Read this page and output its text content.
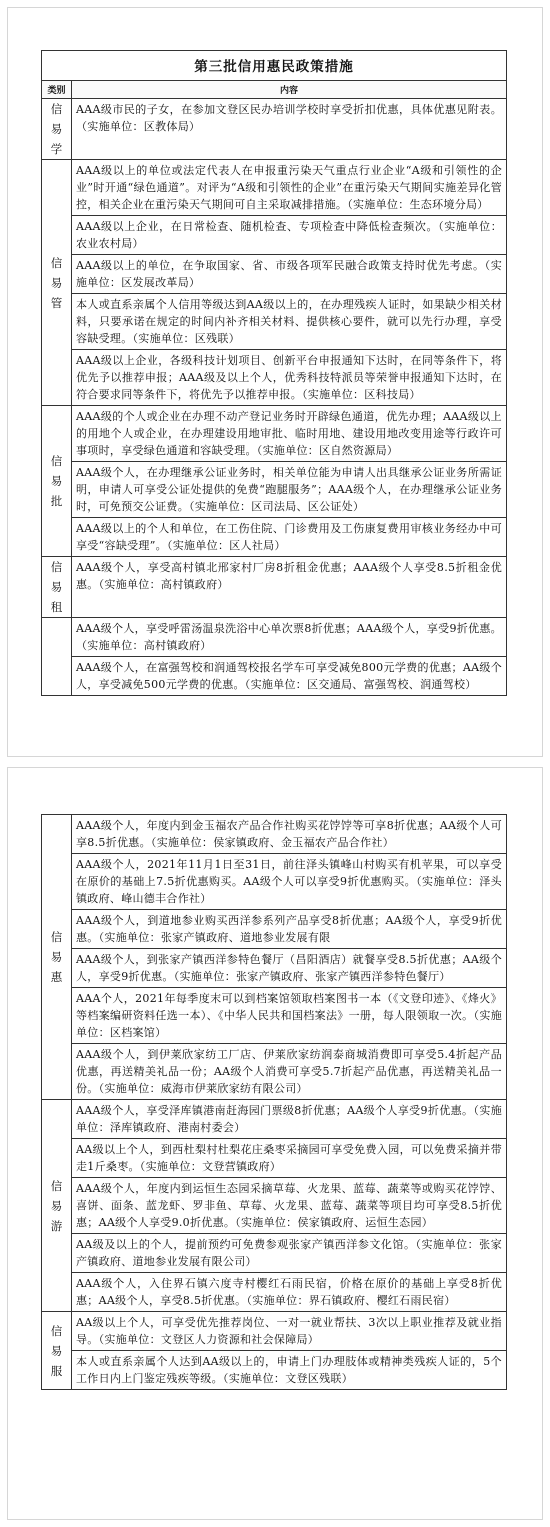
第三批信用惠民政策措施	
类别	内容

信
易
学	AAA级市民的子女，在参加文登区民办培训学校时享受折扣优惠，具体优惠见附表。（实施单位：区教体局）

信
易
管	AAA级以上的单位或法定代表人在申报重污染天气重点行业企业“A级和引领性的企业”时开通“绿色通道”。对评为“A级和引领性的企业”在重污染天气期间实施差异化管控，相关企业在重污染天气期间可自主采取减排措施。（实施单位：生态环境分局）
	AAA级以上企业，在日常检查、随机检查、专项检查中降低检查频次。（实施单位：农业农村局）
	AAA级以上的单位，在争取国家、省、市级各项军民融合政策支持时优先考虑。（实施单位：区发展改革局）
	本人或直系亲属个人信用等级达到AA级以上的，在办理残疾人证时，如果缺少相关材料，只要承诺在规定的时间内补齐相关材料、提供核心要件，就可以先行办理，享受容缺受理。（实施单位：区残联）
	AAA级以上企业，各级科技计划项目、创新平台申报通知下达时，在同等条件下，将优先予以推荐申报；AAA级及以上个人，优秀科技特派员等荣誉申报通知下达时，在符合要求同等条件下，将优先予以推荐申报。（实施单位：区科技局）

信
易
批	AAA级的个人或企业在办理不动产登记业务时开辟绿色通道，优先办理；AAA级以上的用地个人或企业，在办理建设用地审批、临时用地、建设用地改变用途等行政许可事项时，享受绿色通道和容缺受理。（实施单位：区自然资源局）
	AAA级个人，在办理继承公证业务时，相关单位能为申请人出具继承公证业务所需证明，申请人可享受公证处提供的免费“跑腿服务”；AAA级个人，在办理继承公证业务时，可免预交公证费。（实施单位：区司法局、区公证处）
	AAA级以上的个人和单位，在工伤住院、门诊费用及工伤康复费用审核业务经办中可享受“容缺受理”。（实施单位：区人社局）

信
易
租	AAA级个人，享受高村镇北邢家村厂房8折租金优惠；AAA级个人享受8.5折租金优惠。（实施单位：高村镇政府）
	AAA级个人，享受呼雷汤温泉洗浴中心单次票8折优惠；AAA级个人，享受9折优惠。（实施单位：高村镇政府）
	AAA级个人，在富强驾校和润通驾校报名学车可享受减免800元学费的优惠；AA级个人，享受减免500元学费的优惠。（实施单位：区交通局、富强驾校、润通驾校）
信
易
惠	AAA级个人，年度内到金玉福农产品合作社购买花饽饽等可享8折优惠；AA级个人可享8.5折优惠。（实施单位：侯家镇政府、金玉福农产品合作社）
	AAA级个人，2021年11月1日至31日，前往泽头镇峰山村购买有机苹果，可以享受在原价的基础上7.5折优惠购买。AA级个人可以享受9折优惠购买。（实施单位：泽头镇政府、峰山德丰合作社）
	AAA级个人，到道地参业购买西洋参系列产品享受8折优惠；AA级个人，享受9折优惠。（实施单位：张家产镇政府、道地参业发展有限
	AAA级个人，到张家产镇西洋参特色餐厅（昌阳酒店）就餐享受8.5折优惠；AA级个人，享受9折优惠。（实施单位：张家产镇政府、张家产镇西洋参特色餐厅）
	AAA个人，2021年每季度末可以到档案馆领取档案图书一本（《文登印迹》、《烽火》等档案编研资料任选一本）、《中华人民共和国档案法》一册，每人限领取一次。（实施单位：区档案馆）
	AAA级个人，到伊莱欣家纺工厂店、伊莱欣家纺润泰商城消费即可享受5.4折起产品优惠，再送精美礼品一份；AA级个人消费可享受5.7折起产品优惠，再送精美礼品一份。（实施单位：威海市伊莱欣家纺有限公司）

信
易
游	AAA级个人，享受泽库镇港南赶海园门票级8折优惠；AA级个人享受9折优惠。（实施单位：泽库镇政府、港南村委会）
	AA级以上个人，到西杜梨村杜梨花庄桑枣采摘园可享受免费入园，可以免费采摘并带走1斤桑枣。（实施单位：文登营镇政府）
	AAA级个人，年度内到运恒生态园采摘草莓、火龙果、蓝莓、蔬菜等或购买花饽饽、喜饼、面条、蓝龙虾、罗非鱼、草莓、火龙果、蓝莓、蔬菜等项目均可享受8.5折优惠；AA级个人享受9.0折优惠。（实施单位：侯家镇政府、运恒生态园）
	AA级及以上的个人，提前预约可免费参观张家产镇西洋参文化馆。（实施单位：张家产镇政府、道地参业发展有限公司）
	AAA级个人，入住界石镇六度寺村樱红石雨民宿，价格在原价的基础上享受8折优惠；AA级个人，享受8.5折优惠。（实施单位：界石镇政府、樱红石雨民宿）

信
易
服	AA级以上个人，可享受优先推荐岗位、一对一就业帮扶、3次以上职业推荐及就业指导。（实施单位：文登区人力资源和社会保障局）
	本人或直系亲属个人达到AA级以上的，申请上门办理肢体或精神类残疾人证的，5个工作日内上门鉴定残疾等级。（实施单位：文登区残联）
